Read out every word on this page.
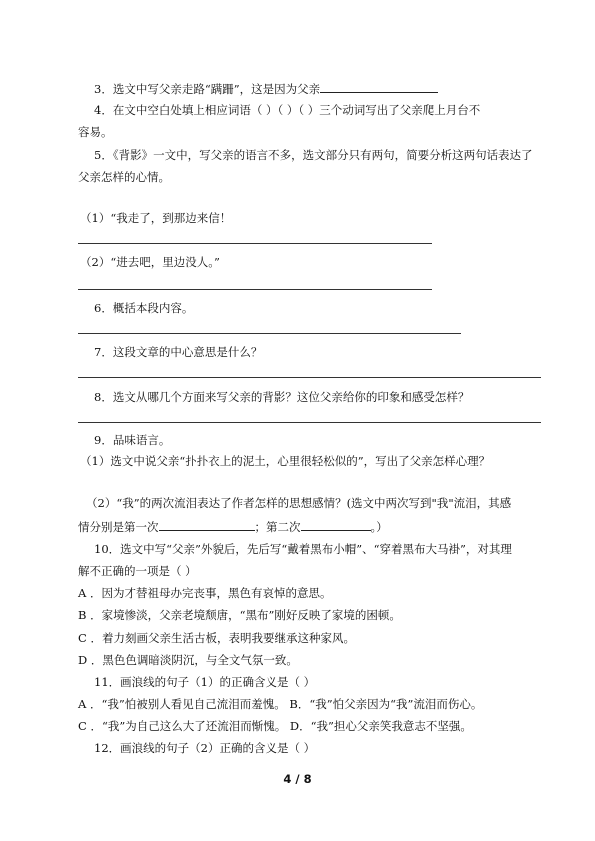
3．选文中写父亲走路“蹒跚”，这是因为父亲
4．在文中空白处填上相应词语（ ）（ ）（ ）三个动词写出了父亲爬上月台不
容易。
5．《背影》一文中，写父亲的语言不多，选文部分只有两句，简要分析这两句话表达了
父亲怎样的心情。
（1）“我走了，到那边来信！
（2）“进去吧，里边没人。”
6．概括本段内容。
7．这段文章的中心意思是什么？
8．选文从哪几个方面来写父亲的背影？这位父亲给你的印象和感受怎样？
9．品味语言。
（1）选文中说父亲“扑扑衣上的泥土，心里很轻松似的”，写出了父亲怎样心理？
（2）“我”的两次流泪表达了作者怎样的思想感情？(选文中两次写到"我"流泪，其感
情分别是第一次	；第二次	。）
10．选文中写“父亲”外貌后，先后写“戴着黑布小帽”、“穿着黑布大马褂”，对其理
解不正确的一项是（ ）
A ．因为才替祖母办完丧事，黑色有哀悼的意思。
B ．家境惨淡，父亲老境颓唐，“黑布”刚好反映了家境的困顿。
C ．着力刻画父亲生活古板，表明我要继承这种家风。
D ．黑色色调暗淡阴沉，与全文气氛一致。
11．画浪线的句子（1）的正确含义是（ ）
A ．“我”怕被别人看见自己流泪而羞愧。 B．“我”怕父亲因为“我”流泪而伤心。
C ．“我”为自己这么大了还流泪而惭愧。 D．“我”担心父亲笑我意志不坚强。
12．画浪线的句子（2）正确的含义是（ ）
4 / 8
